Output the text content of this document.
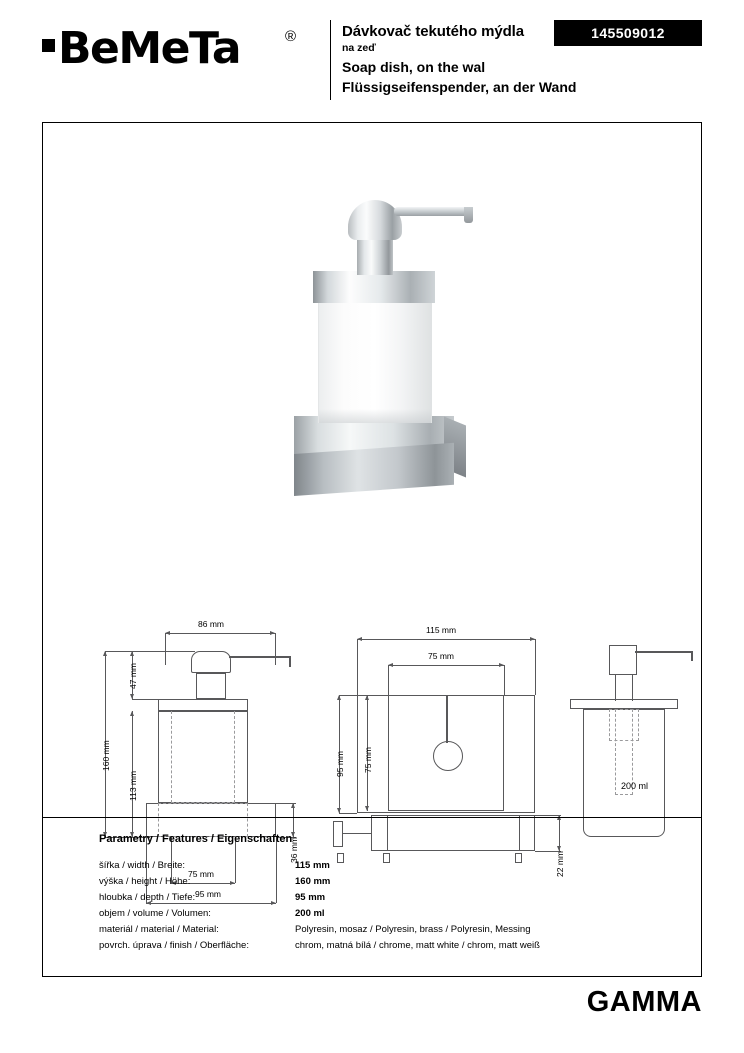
BeMeTa	®	Dávkovač tekutého mýdla
na zeď
Soap dish, on the wal
Flüssigseifenspender, an der Wand
145509012
86 mm
160 mm
47 mm
113 mm
36 mm
75 mm
95 mm
115 mm
75 mm
95 mm 75 mm
200 ml
22 mm
Parametry / Features / Eigenschaften
šířka / width / Breite:	115 mm
výška / height / Höhe:	160 mm
hloubka / depth / Tiefe:	95 mm
objem / volume / Volumen:	200 ml
materiál / material / Material:	Polyresin, mosaz / Polyresin, brass / Polyresin, Messing
povrch. úprava / finish / Oberfläche:	chrom, matná bílá / chrome, matt white / chrom, matt weiß
GAMMA
